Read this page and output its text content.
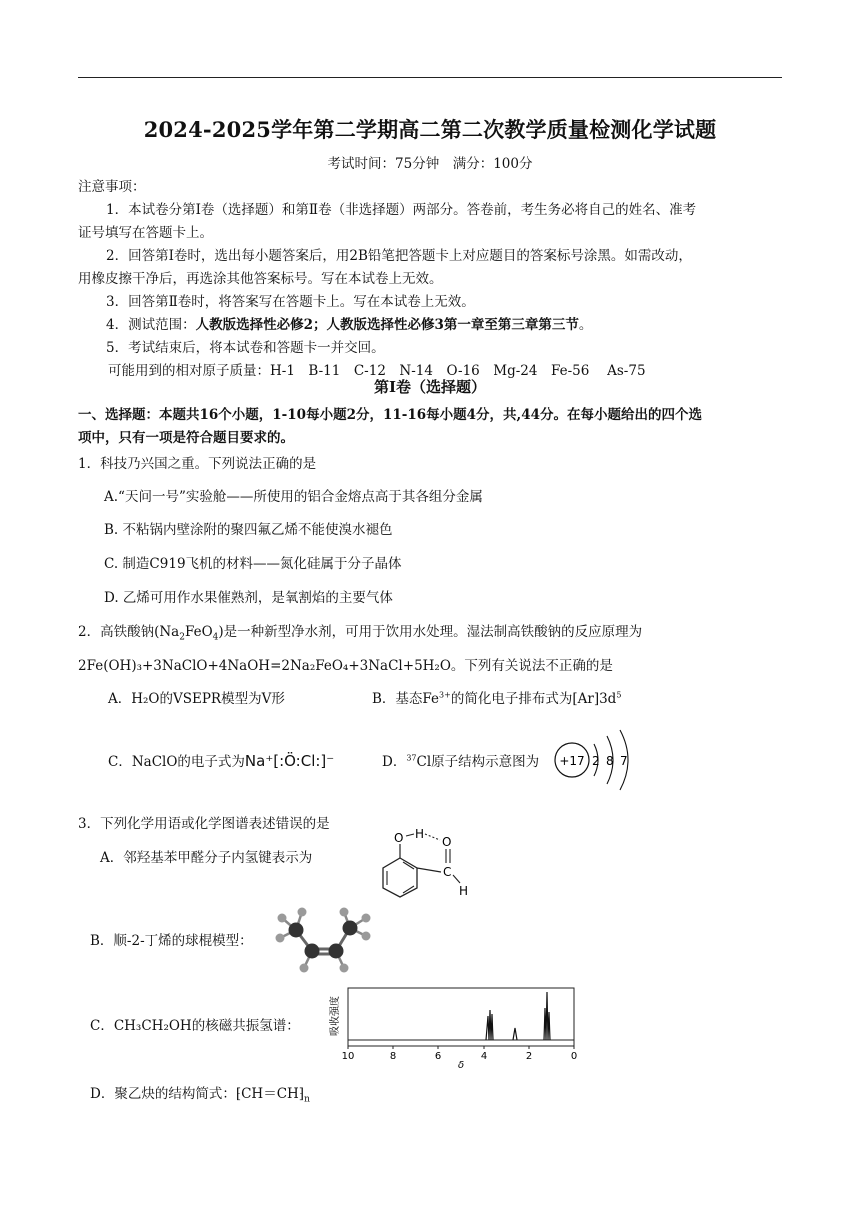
2024-2025学年第二学期高二第二次教学质量检测化学试题
考试时间：75分钟　满分：100分
注意事项：
1．本试卷分第Ⅰ卷（选择题）和第Ⅱ卷（非选择题）两部分。答卷前，考生务必将自己的姓名、准考
证号填写在答题卡上。
2．回答第Ⅰ卷时，选出每小题答案后，用2B铅笔把答题卡上对应题目的答案标号涂黑。如需改动，
用橡皮擦干净后，再选涂其他答案标号。写在本试卷上无效。
3．回答第Ⅱ卷时，将答案写在答题卡上。写在本试卷上无效。
4．测试范围：人教版选择性必修2；人教版选择性必修3第一章至第三章第三节。
5．考试结束后，将本试卷和答题卡一并交回。
可能用到的相对原子质量：H-1　B-11　C-12　N-14　O-16　Mg-24　Fe-56　 As-75
第Ⅰ卷（选择题）
一、选择题：本题共16个小题，1-10每小题2分，11-16每小题4分，共,44分。在每小题给出的四个选
项中，只有一项是符合题目要求的。
1．科技乃兴国之重。下列说法正确的是
A.“天问一号”实验舱——所使用的铝合金熔点高于其各组分金属
B. 不粘锅内壁涂附的聚四氟乙烯不能使溴水褪色
C. 制造C919飞机的材料——氮化硅属于分子晶体
D. 乙烯可用作水果催熟剂，是氧割焰的主要气体
2．高铁酸钠$(Na_2FeO_4)$是一种新型净水剂，可用于饮用水处理。湿法制高铁酸钠的反应原理为
2Fe(OH)₃+3NaClO+4NaOH=2Na₂FeO₄+3NaCl+5H₂O。下列有关说法不正确的是
A．H₂O的VSEPR模型为V形	B．基态$Fe^{3+}$的简化电子排布式为$[Ar]3d^5$
C．NaClO的电子式为Na⁺[:Ö:Cl:]⁻	D．$^{37}$Cl原子结构示意图为 +17 2 8 7
3．下列化学用语或化学图谱表述错误的是
A．邻羟基苯甲醛分子内氢键表示为
O H
O
C
H
B．顺-2-丁烯的球棍模型：
C．CH₃CH₂OH的核磁共振氢谱：	吸收强度
10	8	6	4	2	0
δ
D．聚乙炔的结构简式：$⁅CH=CH⁆_n$
